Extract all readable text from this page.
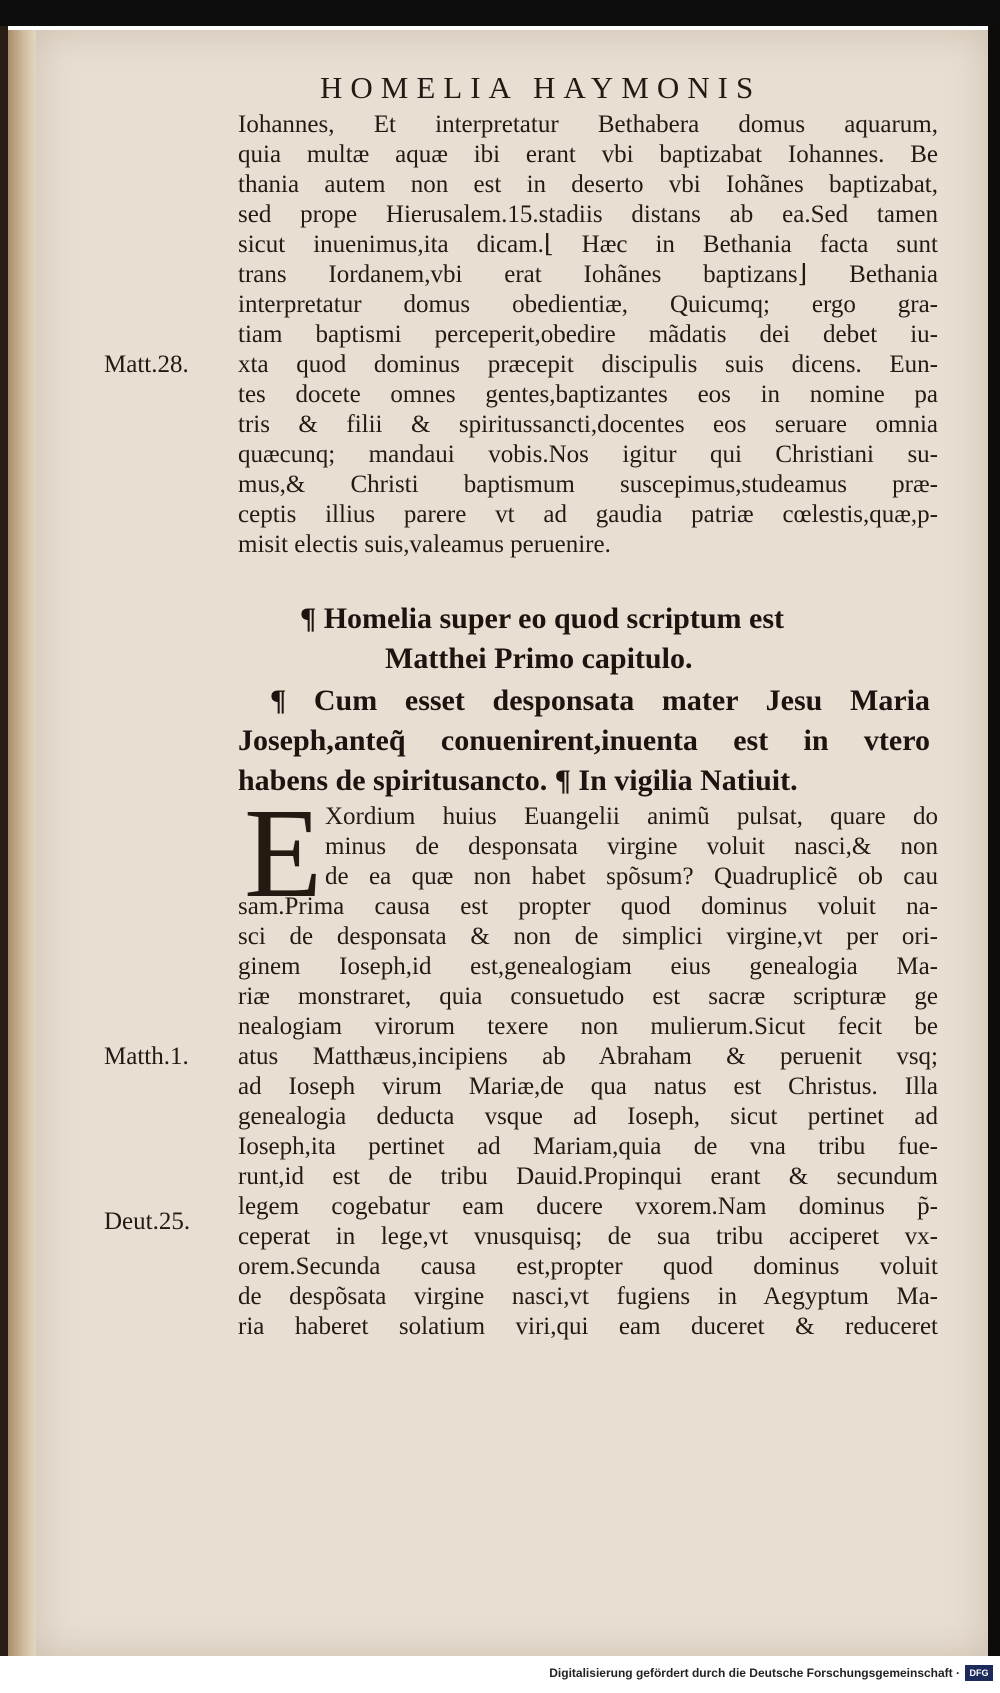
HOMELIA HAYMONIS
Iohannes, Et interpretatur Bethabera domus aquarum,
quia multæ aquæ ibi erant vbi baptizabat Iohannes. Be
thania autem non est in deserto vbi Iohãnes baptizabat,
sed prope Hierusalem.15.stadiis distans ab ea.Sed tamen
sicut inuenimus,ita dicam.⌊ Hæc in Bethania facta sunt
trans Iordanem,vbi erat Iohãnes baptizans⌋ Bethania
interpretatur domus obedientiæ, Quicumq; ergo gra-
tiam baptismi perceperit,obedire mãdatis dei debet iu-
xta quod dominus præcepit discipulis suis dicens. Eun-
tes docete omnes gentes,baptizantes eos in nomine pa
tris & filii & spiritussancti,docentes eos seruare omnia
quæcunq; mandaui vobis.Nos igitur qui Christiani su-
mus,& Christi baptismum suscepimus,studeamus præ-
ceptis illius parere vt ad gaudia patriæ cœlestis,quæ,p-
misit electis suis,valeamus peruenire.
¶ Homelia super eo quod scriptum est
Matthei Primo capitulo.
¶ Cum esset desponsata mater Jesu Maria
Joseph,anteq̃ conuenirent,inuenta est in vtero
habens de spiritusancto. ¶ In vigilia Natiuit.
E Xordium huius Euangelii animũ pulsat, quare do
minus de desponsata virgine voluit nasci,& non
de ea quæ non habet spõsum? Quadruplicẽ ob cau
sam.Prima causa est propter quod dominus voluit na-
sci de desponsata & non de simplici virgine,vt per ori-
ginem Ioseph,id est,genealogiam eius genealogia Ma-
riæ monstraret, quia consuetudo est sacræ scripturæ ge
nealogiam virorum texere non mulierum.Sicut fecit be
atus Matthæus,incipiens ab Abraham & peruenit vsq;
ad Ioseph virum Mariæ,de qua natus est Christus. Illa
genealogia deducta vsque ad Ioseph, sicut pertinet ad
Ioseph,ita pertinet ad Mariam,quia de vna tribu fue-
runt,id est de tribu Dauid.Propinqui erant & secundum
legem cogebatur eam ducere vxorem.Nam dominus p̃-
ceperat in lege,vt vnusquisq; de sua tribu acciperet vx-
orem.Secunda causa est,propter quod dominus voluit
de despõsata virgine nasci,vt fugiens in Aegyptum Ma-
ria haberet solatium viri,qui eam duceret & reduceret
Matt.28.
Matth.1.
Deut.25.
Digitalisierung gefördert durch die Deutsche Forschungsgemeinschaft ·	DFG
